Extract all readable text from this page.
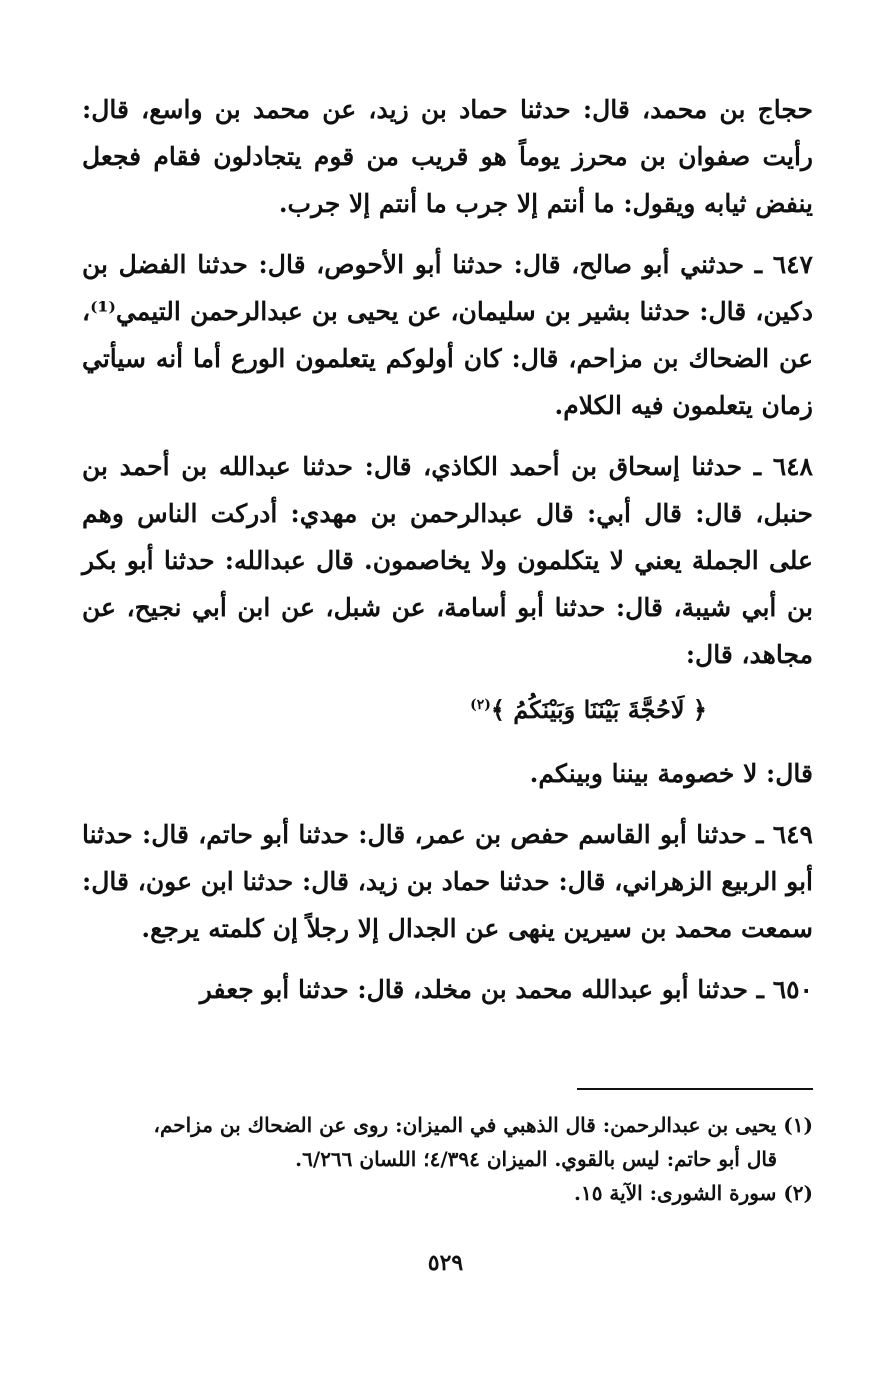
حجاج بن محمد، قال: حدثنا حماد بن زيد، عن محمد بن واسع، قال: رأيت صفوان بن محرز يوماً هو قريب من قوم يتجادلون فقام فجعل ينفض ثيابه ويقول: ما أنتم إلا جرب ما أنتم إلا جرب.

٦٤٧ ـ حدثني أبو صالح، قال: حدثنا أبو الأحوص، قال: حدثنا الفضل بن دكين، قال: حدثنا بشير بن سليمان، عن يحيى بن عبدالرحمن التيمي⁽¹⁾، عن الضحاك بن مزاحم، قال: كان أولوكم يتعلمون الورع أما أنه سيأتي زمان يتعلمون فيه الكلام.

٦٤٨ ـ حدثنا إسحاق بن أحمد الكاذي، قال: حدثنا عبدالله بن أحمد بن حنبل، قال: قال أبي: قال عبدالرحمن بن مهدي: أدركت الناس وهم على الجملة يعني لا يتكلمون ولا يخاصمون. قال عبدالله: حدثنا أبو بكر بن أبي شيبة، قال: حدثنا أبو أسامة، عن شبل، عن ابن أبي نجيح، عن مجاهد، قال:

﴿ لَاحُجَّةَ بَيْنَنَا وَبَيْنَكُمُ ﴾$^{(٢)}$

قال: لا خصومة بيننا وبينكم.

٦٤٩ ـ حدثنا أبو القاسم حفص بن عمر، قال: حدثنا أبو حاتم، قال: حدثنا أبو الربيع الزهراني، قال: حدثنا حماد بن زيد، قال: حدثنا ابن عون، قال: سمعت محمد بن سيرين ينهى عن الجدال إلا رجلاً إن كلمته يرجع.

٦٥٠ ـ حدثنا أبو عبدالله محمد بن مخلد، قال: حدثنا أبو جعفر

(١) يحيى بن عبدالرحمن: قال الذهبي في الميزان: روى عن الضحاك بن مزاحم،

قال أبو حاتم: ليس بالقوي. الميزان ٤/٣٩٤؛ اللسان ٦/٢٦٦.

(٢) سورة الشورى: الآية ١٥.

٥٢٩
